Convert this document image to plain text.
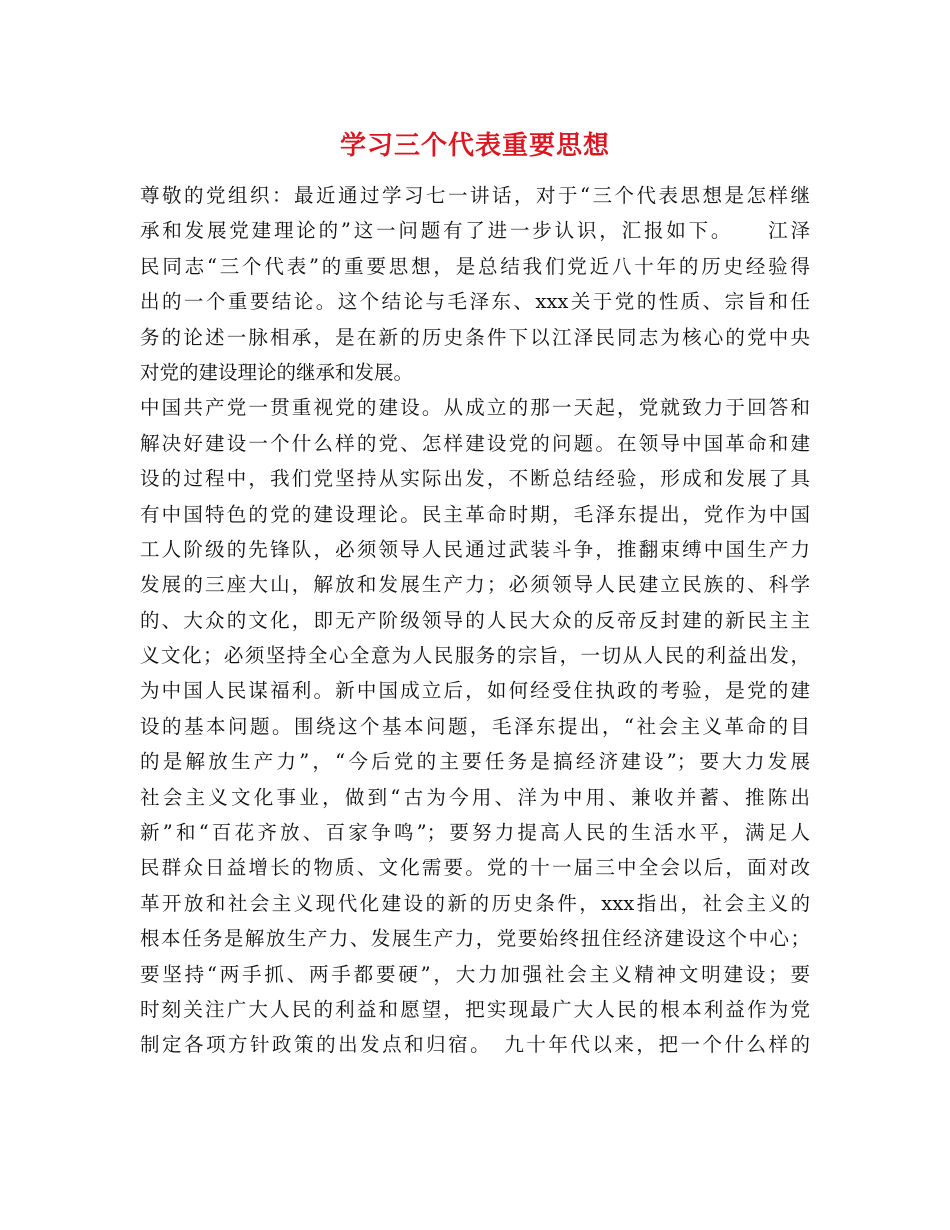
学习三个代表重要思想
尊敬的党组织：最近通过学习七一讲话，对于“三个代表思想是怎样继
承和发展党建理论的”这一问题有了进一步认识，汇报如下。　　江泽
民同志“三个代表”的重要思想，是总结我们党近八十年的历史经验得
出的一个重要结论。这个结论与毛泽东、xxx关于党的性质、宗旨和任
务的论述一脉相承，是在新的历史条件下以江泽民同志为核心的党中央
对党的建设理论的继承和发展。
中国共产党一贯重视党的建设。从成立的那一天起，党就致力于回答和
解决好建设一个什么样的党、怎样建设党的问题。在领导中国革命和建
设的过程中，我们党坚持从实际出发，不断总结经验，形成和发展了具
有中国特色的党的建设理论。民主革命时期，毛泽东提出，党作为中国
工人阶级的先锋队，必须领导人民通过武装斗争，推翻束缚中国生产力
发展的三座大山，解放和发展生产力；必须领导人民建立民族的、科学
的、大众的文化，即无产阶级领导的人民大众的反帝反封建的新民主主
义文化；必须坚持全心全意为人民服务的宗旨，一切从人民的利益出发，
为中国人民谋福利。新中国成立后，如何经受住执政的考验，是党的建
设的基本问题。围绕这个基本问题，毛泽东提出，“社会主义革命的目
的是解放生产力”，“今后党的主要任务是搞经济建设”；要大力发展
社会主义文化事业，做到“古为今用、洋为中用、兼收并蓄、推陈出
新”和“百花齐放、百家争鸣”；要努力提高人民的生活水平，满足人
民群众日益增长的物质、文化需要。党的十一届三中全会以后，面对改
革开放和社会主义现代化建设的新的历史条件，xxx指出，社会主义的
根本任务是解放生产力、发展生产力，党要始终扭住经济建设这个中心；
要坚持“两手抓、两手都要硬”，大力加强社会主义精神文明建设；要
时刻关注广大人民的利益和愿望，把实现最广大人民的根本利益作为党
制定各项方针政策的出发点和归宿。　九十年代以来，把一个什么样的
